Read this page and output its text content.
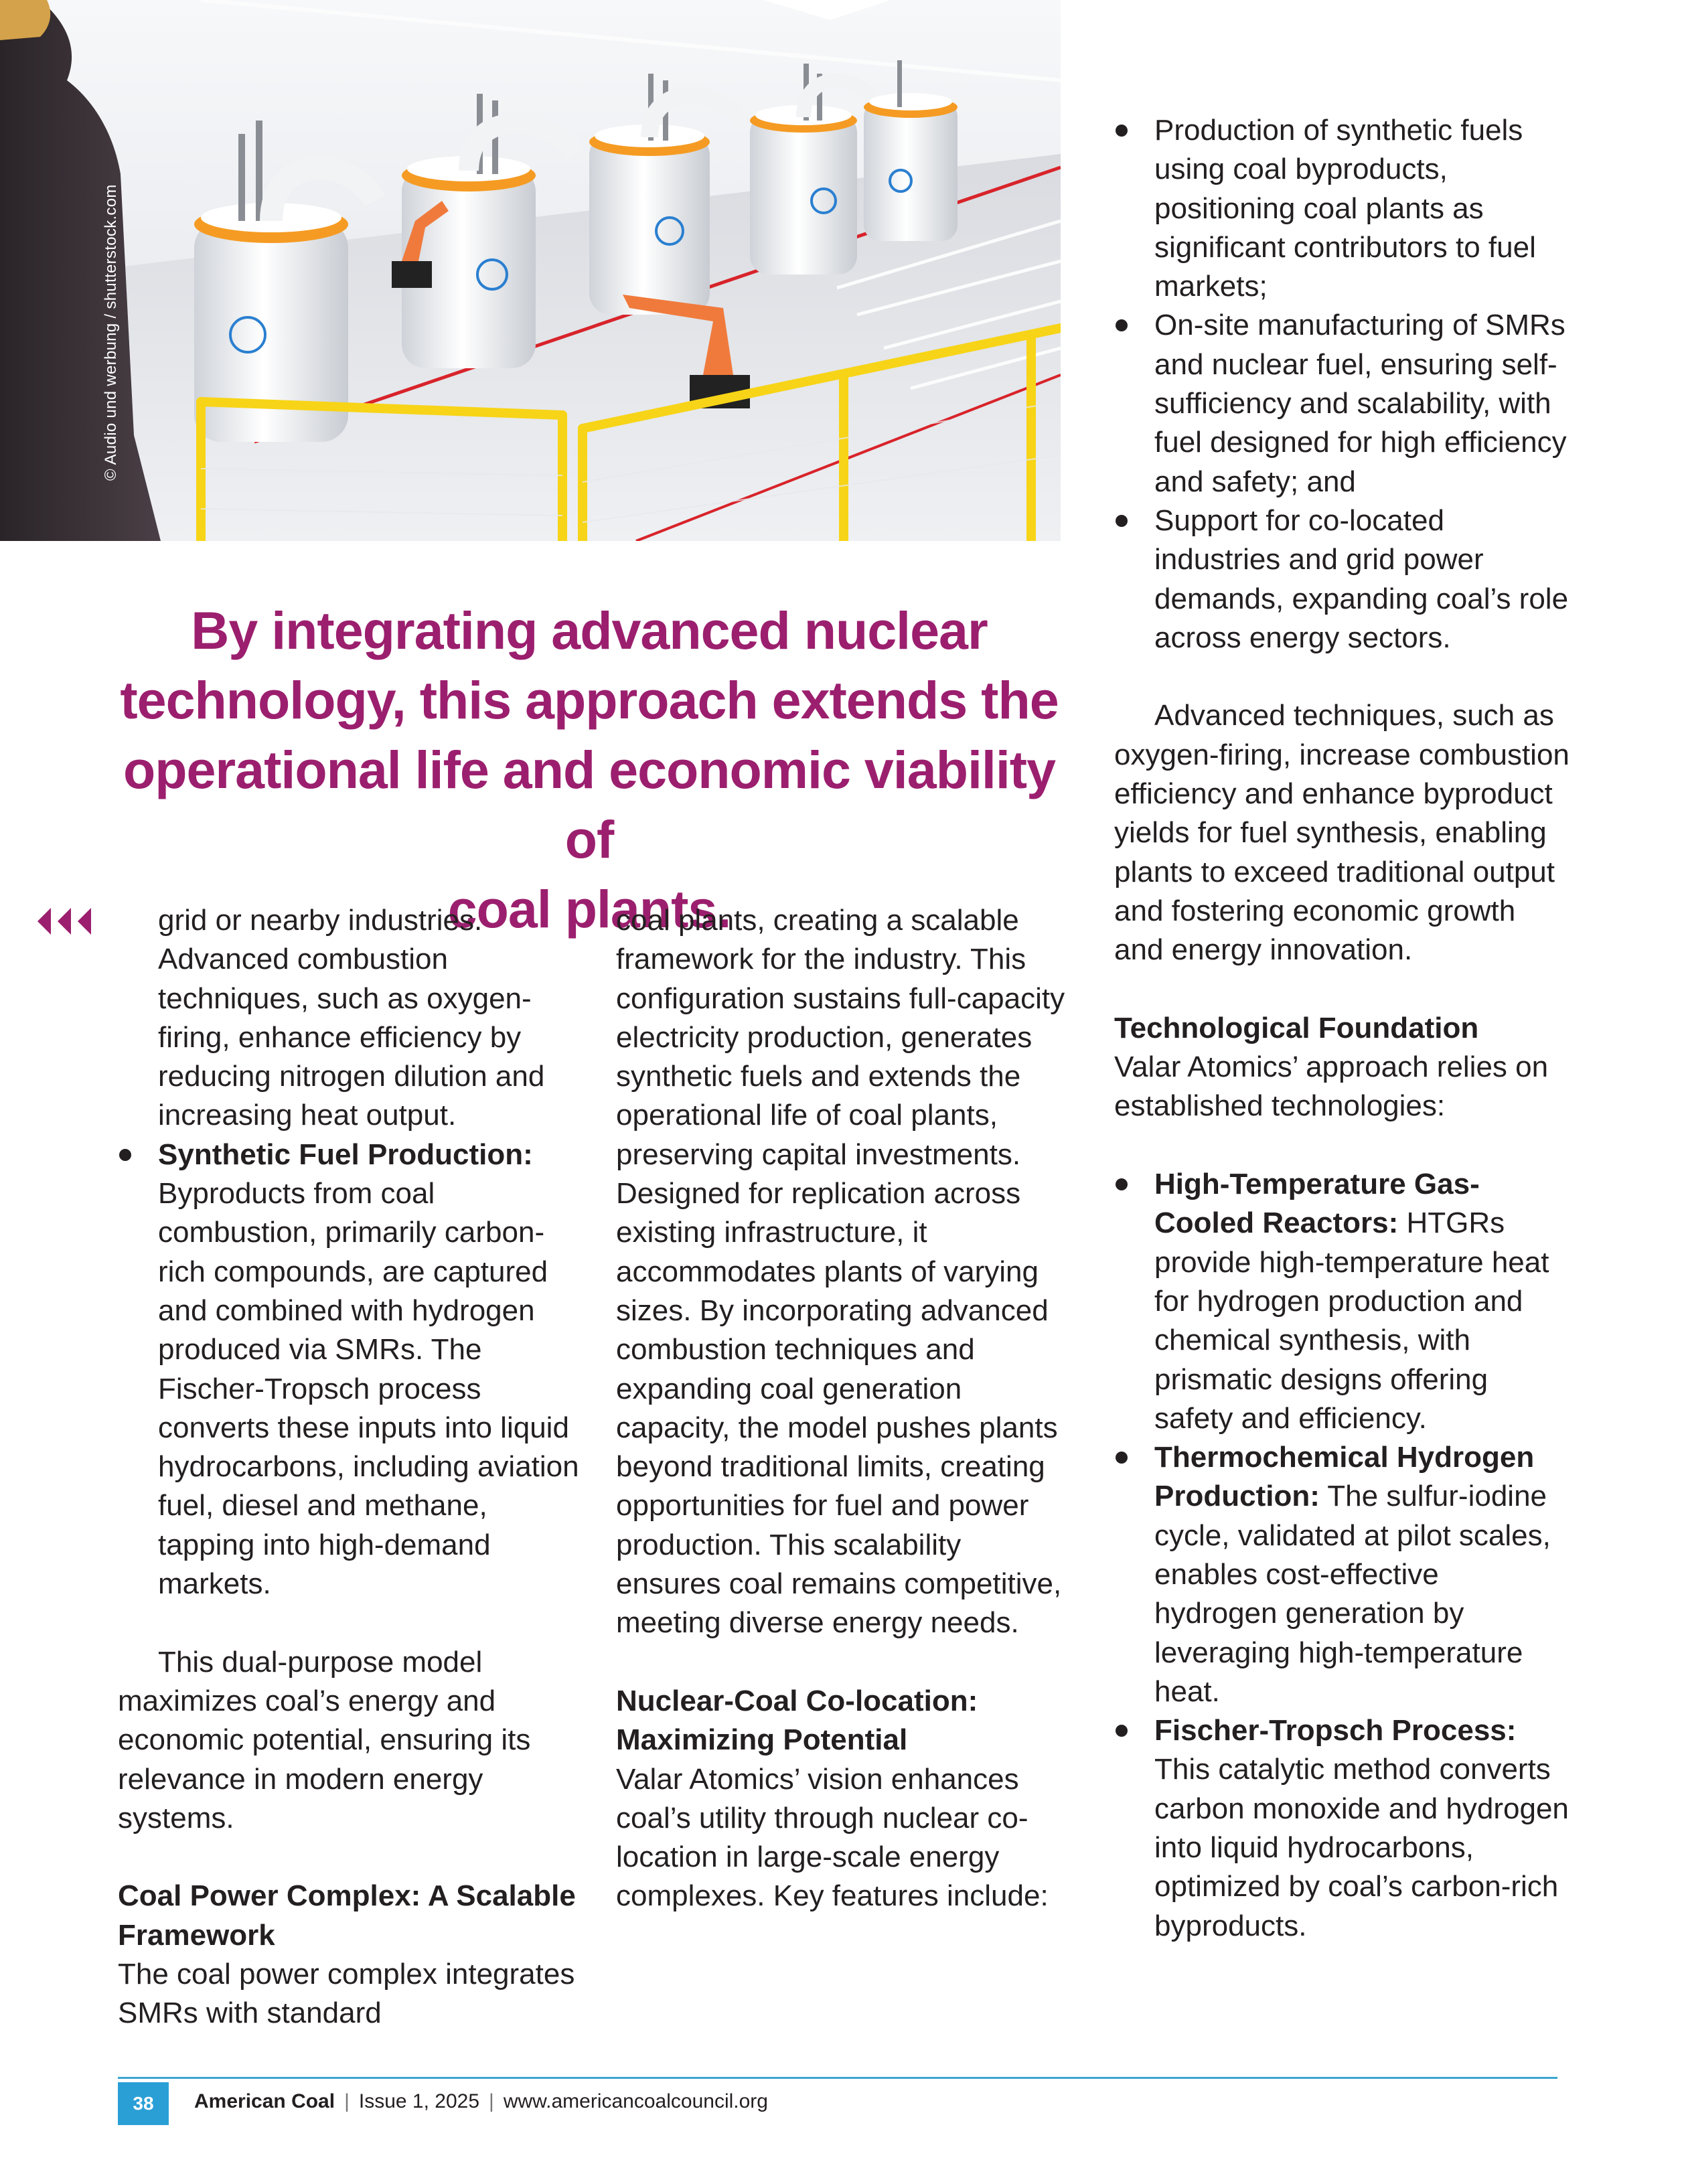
© Audio und werbung / shutterstock.com
By integrating advanced nuclear
technology, this approach extends the
operational life and economic viability of
coal plants.
grid or nearby industries.
Advanced combustion
techniques, such as oxygen-
firing, enhance efficiency by
reducing nitrogen dilution and
increasing heat output.
Synthetic Fuel Production: Byproducts from coal combustion, primarily carbon-rich compounds, are captured and combined with hydrogen produced via SMRs. The Fischer-Tropsch process converts these inputs into liquid hydrocarbons, including aviation fuel, diesel and methane, tapping into high-demand markets.

This dual-purpose model maximizes coal’s energy and economic potential, ensuring its relevance in modern energy systems.

Coal Power Complex: A Scalable Framework

The coal power complex integrates SMRs with standard

coal plants, creating a scalable framework for the industry. This configuration sustains full-capacity electricity production, generates synthetic fuels and extends the operational life of coal plants, preserving capital investments. Designed for replication across existing infrastructure, it accommodates plants of varying sizes. By incorporating advanced combustion techniques and expanding coal generation capacity, the model pushes plants beyond traditional limits, creating opportunities for fuel and power production. This scalability ensures coal remains competitive, meeting diverse energy needs.

Nuclear-Coal Co-location: Maximizing Potential

Valar Atomics’ vision enhances coal’s utility through nuclear co-location in large-scale energy complexes. Key features include:

Production of synthetic fuels using coal byproducts, positioning coal plants as significant contributors to fuel markets;
On-site manufacturing of SMRs and nuclear fuel, ensuring self-sufficiency and scalability, with fuel designed for high efficiency and safety; and
Support for co-located industries and grid power demands, expanding coal’s role across energy sectors.

Advanced techniques, such as oxygen-firing, increase combustion efficiency and enhance byproduct yields for fuel synthesis, enabling plants to exceed traditional output and fostering economic growth and energy innovation.

Technological Foundation

Valar Atomics’ approach relies on established technologies:

High-Temperature Gas-Cooled Reactors: HTGRs provide high-temperature heat for hydrogen production and chemical synthesis, with prismatic designs offering safety and efficiency.
Thermochemical Hydrogen Production: The sulfur-iodine cycle, validated at pilot scales, enables cost-effective hydrogen generation by leveraging high-temperature heat.
Fischer-Tropsch Process: This catalytic method converts carbon monoxide and hydrogen into liquid hydrocarbons, optimized by coal’s carbon-rich byproducts.
38	American Coal | Issue 1, 2025 | www.americancoalcouncil.org
